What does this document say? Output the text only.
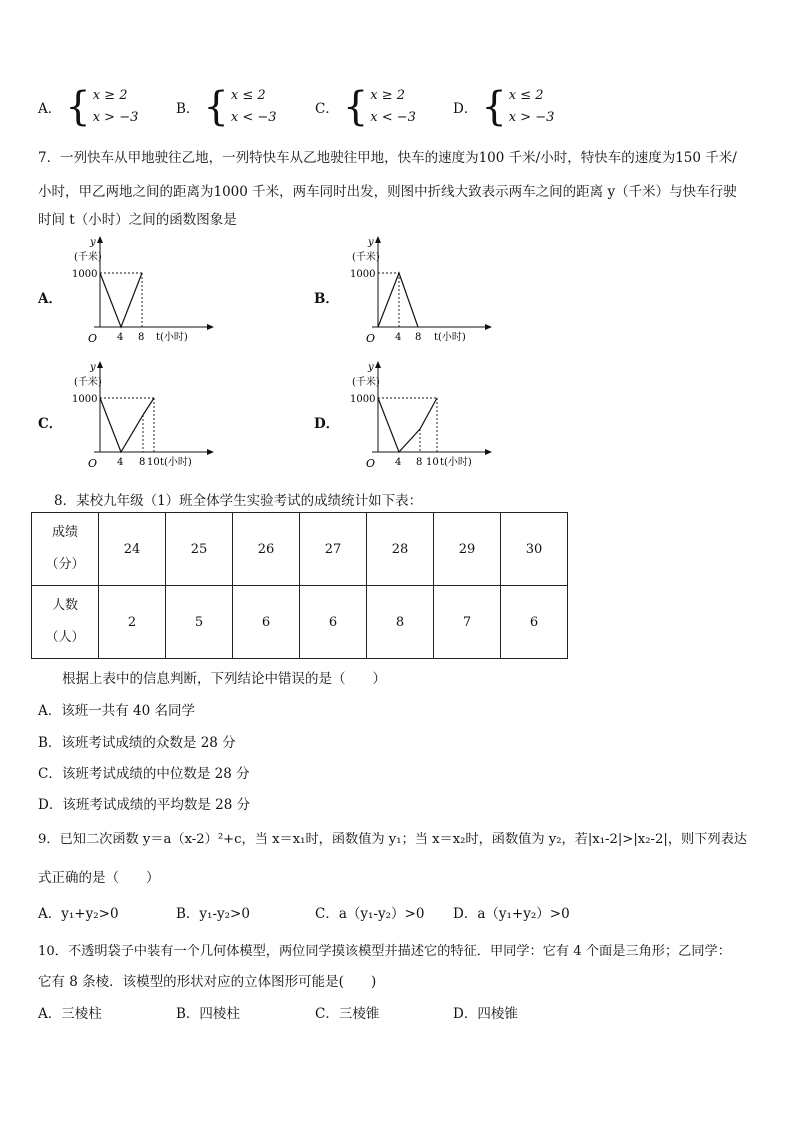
A． { x ≥ 2
x > −3
B． { x ≤ 2
x < −3
C． { x ≥ 2
x < −3
D． { x ≤ 2
x > −3
7．一列快车从甲地驶往乙地，一列特快车从乙地驶往甲地，快车的速度为100 千米/小时，特快车的速度为150 千米/
小时，甲乙两地之间的距离为1000 千米，两车同时出发，则图中折线大致表示两车之间的距离 y（千米）与快车行驶
时间 t（小时）之间的函数图象是
A．	B．
C．	D．
y
(千米)
1000
O 4 8 t(小时)
y
(千米)
1000
O 4 8 t(小时)
y
(千米)
1000
O 4 8 10 t(小时)
y
(千米)
1000
O 4 8 10 t(小时)
8．某校九年级（1）班全体学生实验考试的成绩统计如下表：
成绩
（分）	24	25	26	27	28	29	30
人数
（人）	2	5	6	6	8	7	6
根据上表中的信息判断，下列结论中错误的是（　　）
A．该班一共有 40 名同学
B．该班考试成绩的众数是 28 分
C．该班考试成绩的中位数是 28 分
D．该班考试成绩的平均数是 28 分
9．已知二次函数 y＝a（x-2）²+c，当 x＝x₁时，函数值为 y₁；当 x＝x₂时，函数值为 y₂，若|x₁-2|>|x₂-2|，则下列表达
式正确的是（　　）
A．y₁+y₂>0	B．y₁-y₂>0	C．a（y₁-y₂）>0 D．a（y₁+y₂）>0
10．不透明袋子中装有一个几何体模型，两位同学摸该模型并描述它的特征．甲同学：它有 4 个面是三角形；乙同学：
它有 8 条棱．该模型的形状对应的立体图形可能是(　　)
A．三棱柱	B．四棱柱	C．三棱锥	D．四棱锥
